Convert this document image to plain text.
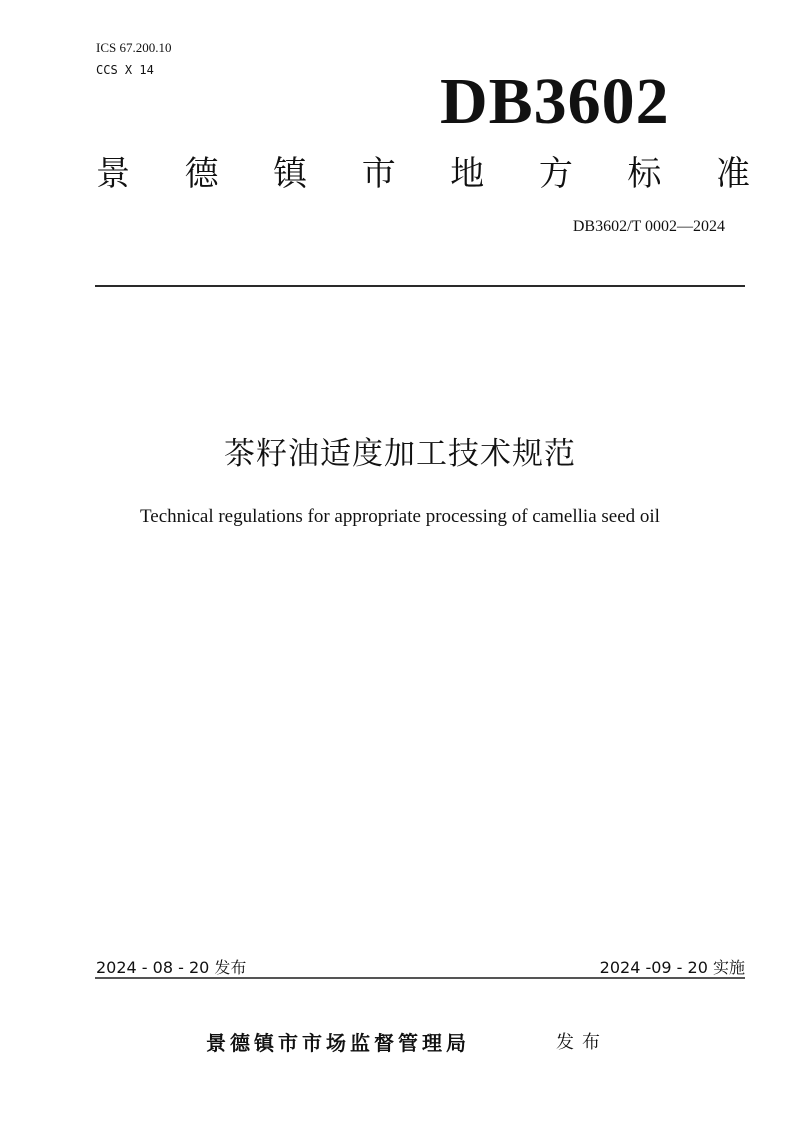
ICS 67.200.10
CCS X 14	DB3602
景 德 镇 市 地 方 标 准
DB3602/T 0002—2024
茶籽油适度加工技术规范
Technical regulations for appropriate processing of camellia seed oil
2024 - 08 - 20 发布	2024 -09 - 20 实施
景德镇市市场监督管理局	发布
